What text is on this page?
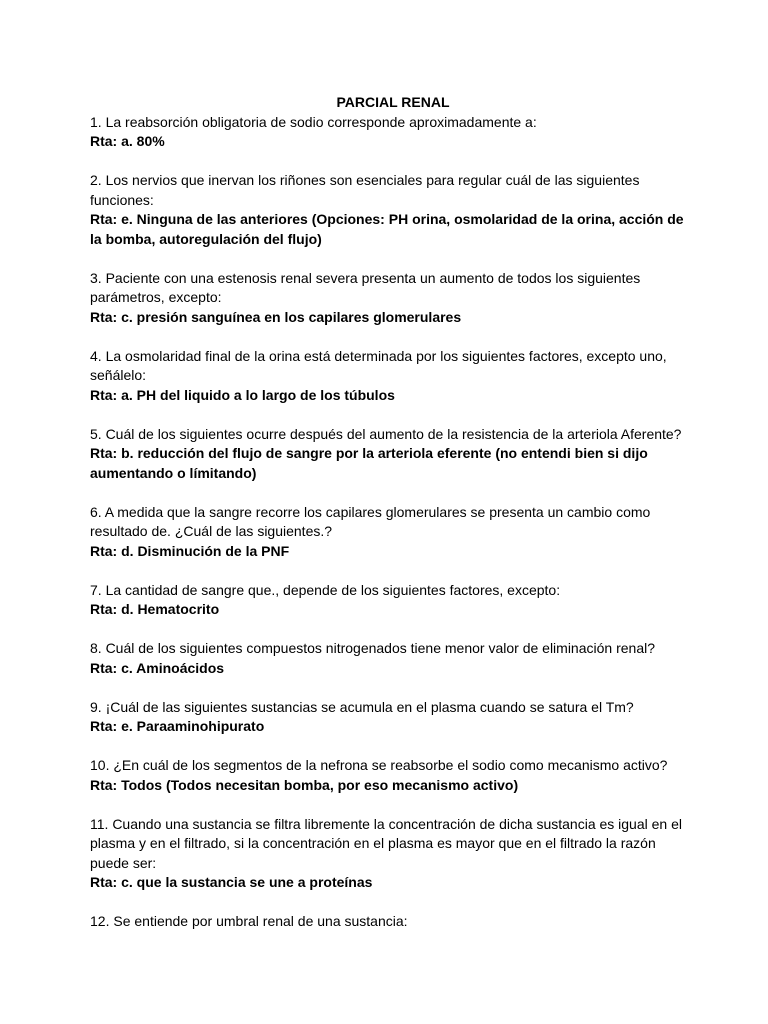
PARCIAL RENAL

1. La reabsorción obligatoria de sodio corresponde aproximadamente a:

Rta: a. 80%

2. Los nervios que inervan los riñones son esenciales para regular cuál de las siguientes funciones:

Rta: e. Ninguna de las anteriores (Opciones: PH orina, osmolaridad de la orina, acción de la bomba, autoregulación del flujo)

3. Paciente con una estenosis renal severa presenta un aumento de todos los siguientes parámetros, excepto:

Rta: c. presión sanguínea en los capilares glomerulares

4. La osmolaridad final de la orina está determinada por los siguientes factores, excepto uno, señálelo:

Rta: a. PH del liquido a lo largo de los túbulos

5. Cuál de los siguientes ocurre después del aumento de la resistencia de la arteriola Aferente?

Rta: b. reducción del flujo de sangre por la arteriola eferente (no entendi bien si dijo aumentando o límitando)

6. A medida que la sangre recorre los capilares glomerulares se presenta un cambio como resultado de. ¿Cuál de las siguientes.?

Rta: d. Disminución de la PNF

7. La cantidad de sangre que., depende de los siguientes factores, excepto:

Rta: d. Hematocrito

8. Cuál de los siguientes compuestos nitrogenados tiene menor valor de eliminación renal?

Rta: c. Aminoácidos

9. ¡Cuál de las siguientes sustancias se acumula en el plasma cuando se satura el Tm?

Rta: e. Paraaminohipurato

10. ¿En cuál de los segmentos de la nefrona se reabsorbe el sodio como mecanismo activo?

Rta: Todos (Todos necesitan bomba, por eso mecanismo activo)

11. Cuando una sustancia se filtra libremente la concentración de dicha sustancia es igual en el plasma y en el filtrado, si la concentración en el plasma es mayor que en el filtrado la razón puede ser:

Rta: c. que la sustancia se une a proteínas

12. Se entiende por umbral renal de una sustancia:
